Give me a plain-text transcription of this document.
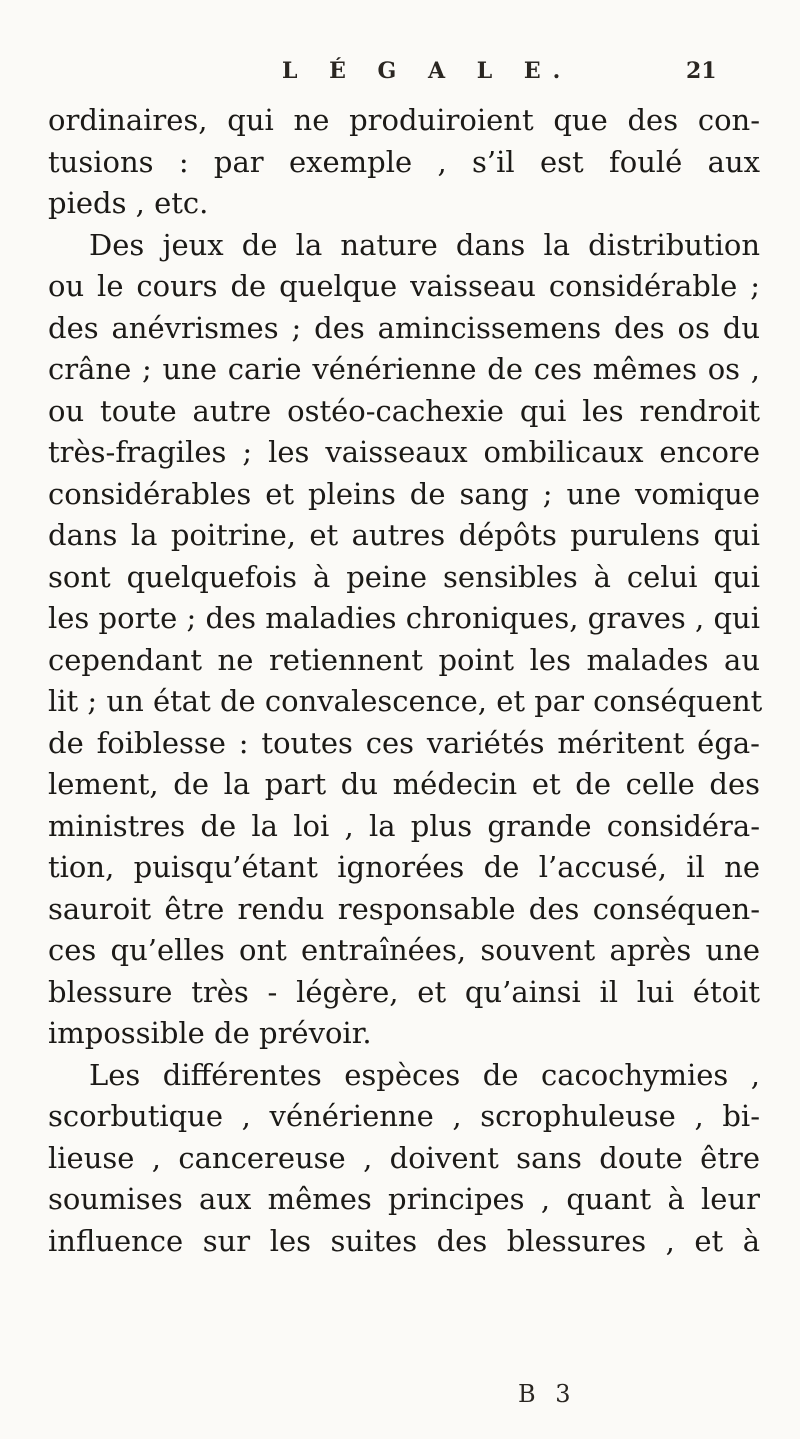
L É G A L E.	21
ordinaires, qui ne produiroient que des con-
tusions : par exemple , s’il est foulé aux
pieds , etc.
Des jeux de la nature dans la distribution
ou le cours de quelque vaisseau considérable ;
des anévrismes ; des amincissemens des os du
crâne ; une carie vénérienne de ces mêmes os ,
ou toute autre ostéo-cachexie qui les rendroit
très-fragiles ; les vaisseaux ombilicaux encore
considérables et pleins de sang ; une vomique
dans la poitrine, et autres dépôts purulens qui
sont quelquefois à peine sensibles à celui qui
les porte ; des maladies chroniques, graves , qui
cependant ne retiennent point les malades au
lit ; un état de convalescence, et par conséquent
de foiblesse : toutes ces variétés méritent éga-
lement, de la part du médecin et de celle des
ministres de la loi , la plus grande considéra-
tion, puisqu’étant ignorées de l’accusé, il ne
sauroit être rendu responsable des conséquen-
ces qu’elles ont entraînées, souvent après une
blessure très - légère, et qu’ainsi il lui étoit
impossible de prévoir.
Les différentes espèces de cacochymies ,
scorbutique , vénérienne , scrophuleuse , bi-
lieuse , cancereuse , doivent sans doute être
soumises aux mêmes principes , quant à leur
influence sur les suites des blessures , et à
B 3
